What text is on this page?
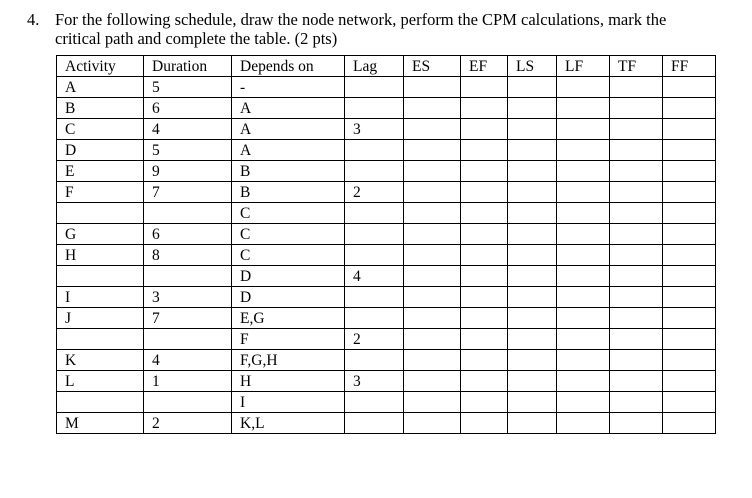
4. For the following schedule, draw the node network, perform the CPM calculations, mark the
critical path and complete the table. (2 pts)
Activity	Duration	Depends on	Lag	ES	EF	LS	LF	TF	FF
A	5	-							
B	6	A							
C	4	A	3						
D	5	A							
E	9	B							
F	7	B	2						
		C							
G	6	C							
H	8	C							
		D	4						
I	3	D							
J	7	E,G							
		F	2						
K	4	F,G,H							
L	1	H	3						
		I							
M	2	K,L							
